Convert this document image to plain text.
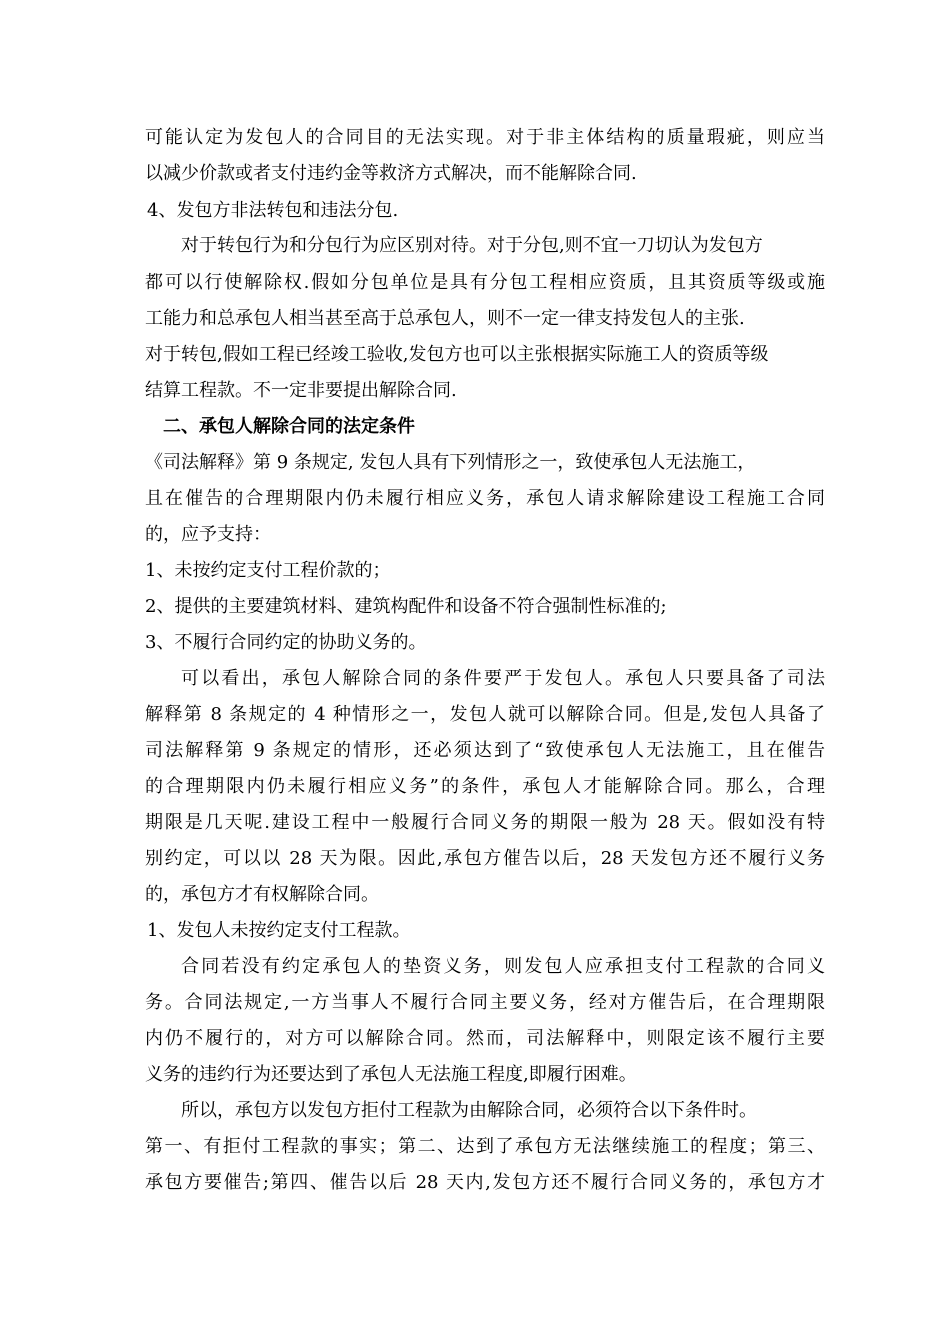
可能认定为发包人的合同目的无法实现。对于非主体结构的质量瑕疵，则应当
以减少价款或者支付违约金等救济方式解决，而不能解除合同.
4、发包方非法转包和违法分包.
对于转包行为和分包行为应区别对待。对于分包,则不宜一刀切认为发包方
都可以行使解除权.假如分包单位是具有分包工程相应资质，且其资质等级或施
工能力和总承包人相当甚至高于总承包人，则不一定一律支持发包人的主张.
对于转包,假如工程已经竣工验收,发包方也可以主张根据实际施工人的资质等级
结算工程款。不一定非要提出解除合同.
二、承包人解除合同的法定条件
《司法解释》第 9 条规定, 发包人具有下列情形之一，致使承包人无法施工，
且在催告的合理期限内仍未履行相应义务，承包人请求解除建设工程施工合同
的，应予支持：
1、未按约定支付工程价款的；
2、提供的主要建筑材料、建筑构配件和设备不符合强制性标准的;
3、不履行合同约定的协助义务的。
可以看出，承包人解除合同的条件要严于发包人。承包人只要具备了司法
解释第 8 条规定的 4 种情形之一，发包人就可以解除合同。但是,发包人具备了
司法解释第 9 条规定的情形，还必须达到了“致使承包人无法施工，且在催告
的合理期限内仍未履行相应义务”的条件，承包人才能解除合同。那么，合理
期限是几天呢.建设工程中一般履行合同义务的期限一般为 28 天。假如没有特
别约定，可以以 28 天为限。因此,承包方催告以后，28 天发包方还不履行义务
的，承包方才有权解除合同。
1、发包人未按约定支付工程款。
合同若没有约定承包人的垫资义务，则发包人应承担支付工程款的合同义
务。合同法规定,一方当事人不履行合同主要义务，经对方催告后，在合理期限
内仍不履行的，对方可以解除合同。然而，司法解释中，则限定该不履行主要
义务的违约行为还要达到了承包人无法施工程度,即履行困难。
所以，承包方以发包方拒付工程款为由解除合同，必须符合以下条件时。
第一、有拒付工程款的事实；第二、达到了承包方无法继续施工的程度；第三、
承包方要催告;第四、催告以后 28 天内,发包方还不履行合同义务的，承包方才
